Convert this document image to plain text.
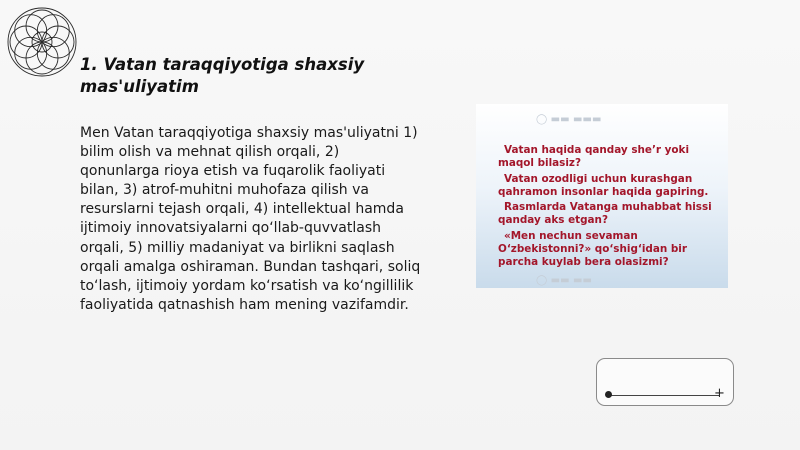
1. Vatan taraqqiyotiga shaxsiy mas'uliyatim

Men Vatan taraqqiyotiga shaxsiy mas'uliyatni 1) bilim olish va mehnat qilish orqali, 2) qonunlarga rioya etish va fuqarolik faoliyati bilan, 3) atrof-muhitni muhofaza qilish va resurslarni tejash orqali, 4) intellektual hamda ijtimoiy innovatsiyalarni qo‘llab-quvvatlash orqali, 5) milliy madaniyat va birlikni saqlash orqali amalga oshiraman. Bundan tashqari, soliq to‘lash, ijtimoiy yordam ko‘rsatish va ko‘ngillilik faoliyatida qatnashish ham mening vazifamdir.

◯ ▬▬ ▬▬▬
Vatan haqida qanday she’r yoki maqol bilasiz?
Vatan ozodligi uchun kurashgan qahramon insonlar haqida gapiring.
Rasmlarda Vatanga muhabbat hissi qanday aks etgan?
«Men nechun sevaman O‘zbekistonni?» qo‘shig‘idan bir parcha kuylab bera olasizmi?
◯ ▬▬ ▬▬
+
